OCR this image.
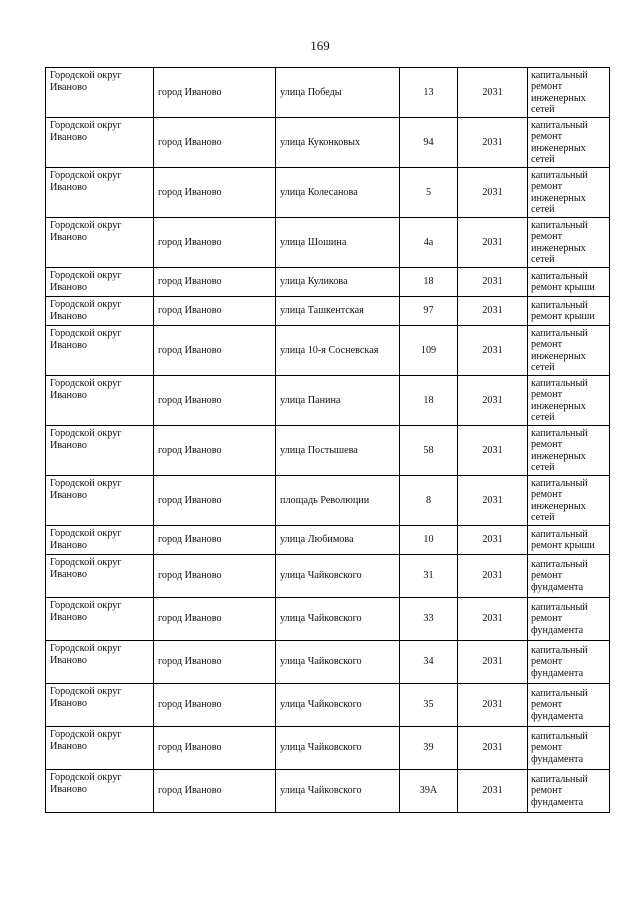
169
Городской округ Иваново	город Иваново	улица Победы	13	2031	капитальный ремонт инженерных сетей
Городской округ Иваново	город Иваново	улица Куконковых	94	2031	капитальный ремонт инженерных сетей
Городской округ Иваново	город Иваново	улица Колесанова	5	2031	капитальный ремонт инженерных сетей
Городской округ Иваново	город Иваново	улица Шошина	4а	2031	капитальный ремонт инженерных сетей
Городской округ Иваново	город Иваново	улица Куликова	18	2031	капитальный ремонт крыши
Городской округ Иваново	город Иваново	улица Ташкентская	97	2031	капитальный ремонт крыши
Городской округ Иваново	город Иваново	улица 10-я Сосневская	109	2031	капитальный ремонт инженерных сетей
Городской округ Иваново	город Иваново	улица Панина	18	2031	капитальный ремонт инженерных сетей
Городской округ Иваново	город Иваново	улица Постышева	58	2031	капитальный ремонт инженерных сетей
Городской округ Иваново	город Иваново	площадь Революции	8	2031	капитальный ремонт инженерных сетей
Городской округ Иваново	город Иваново	улица Любимова	10	2031	капитальный ремонт крыши
Городской округ Иваново	город Иваново	улица Чайковского	31	2031	капитальный ремонт фундамента
Городской округ Иваново	город Иваново	улица Чайковского	33	2031	капитальный ремонт фундамента
Городской округ Иваново	город Иваново	улица Чайковского	34	2031	капитальный ремонт фундамента
Городской округ Иваново	город Иваново	улица Чайковского	35	2031	капитальный ремонт фундамента
Городской округ Иваново	город Иваново	улица Чайковского	39	2031	капитальный ремонт фундамента
Городской округ Иваново	город Иваново	улица Чайковского	39А	2031	капитальный ремонт фундамента
